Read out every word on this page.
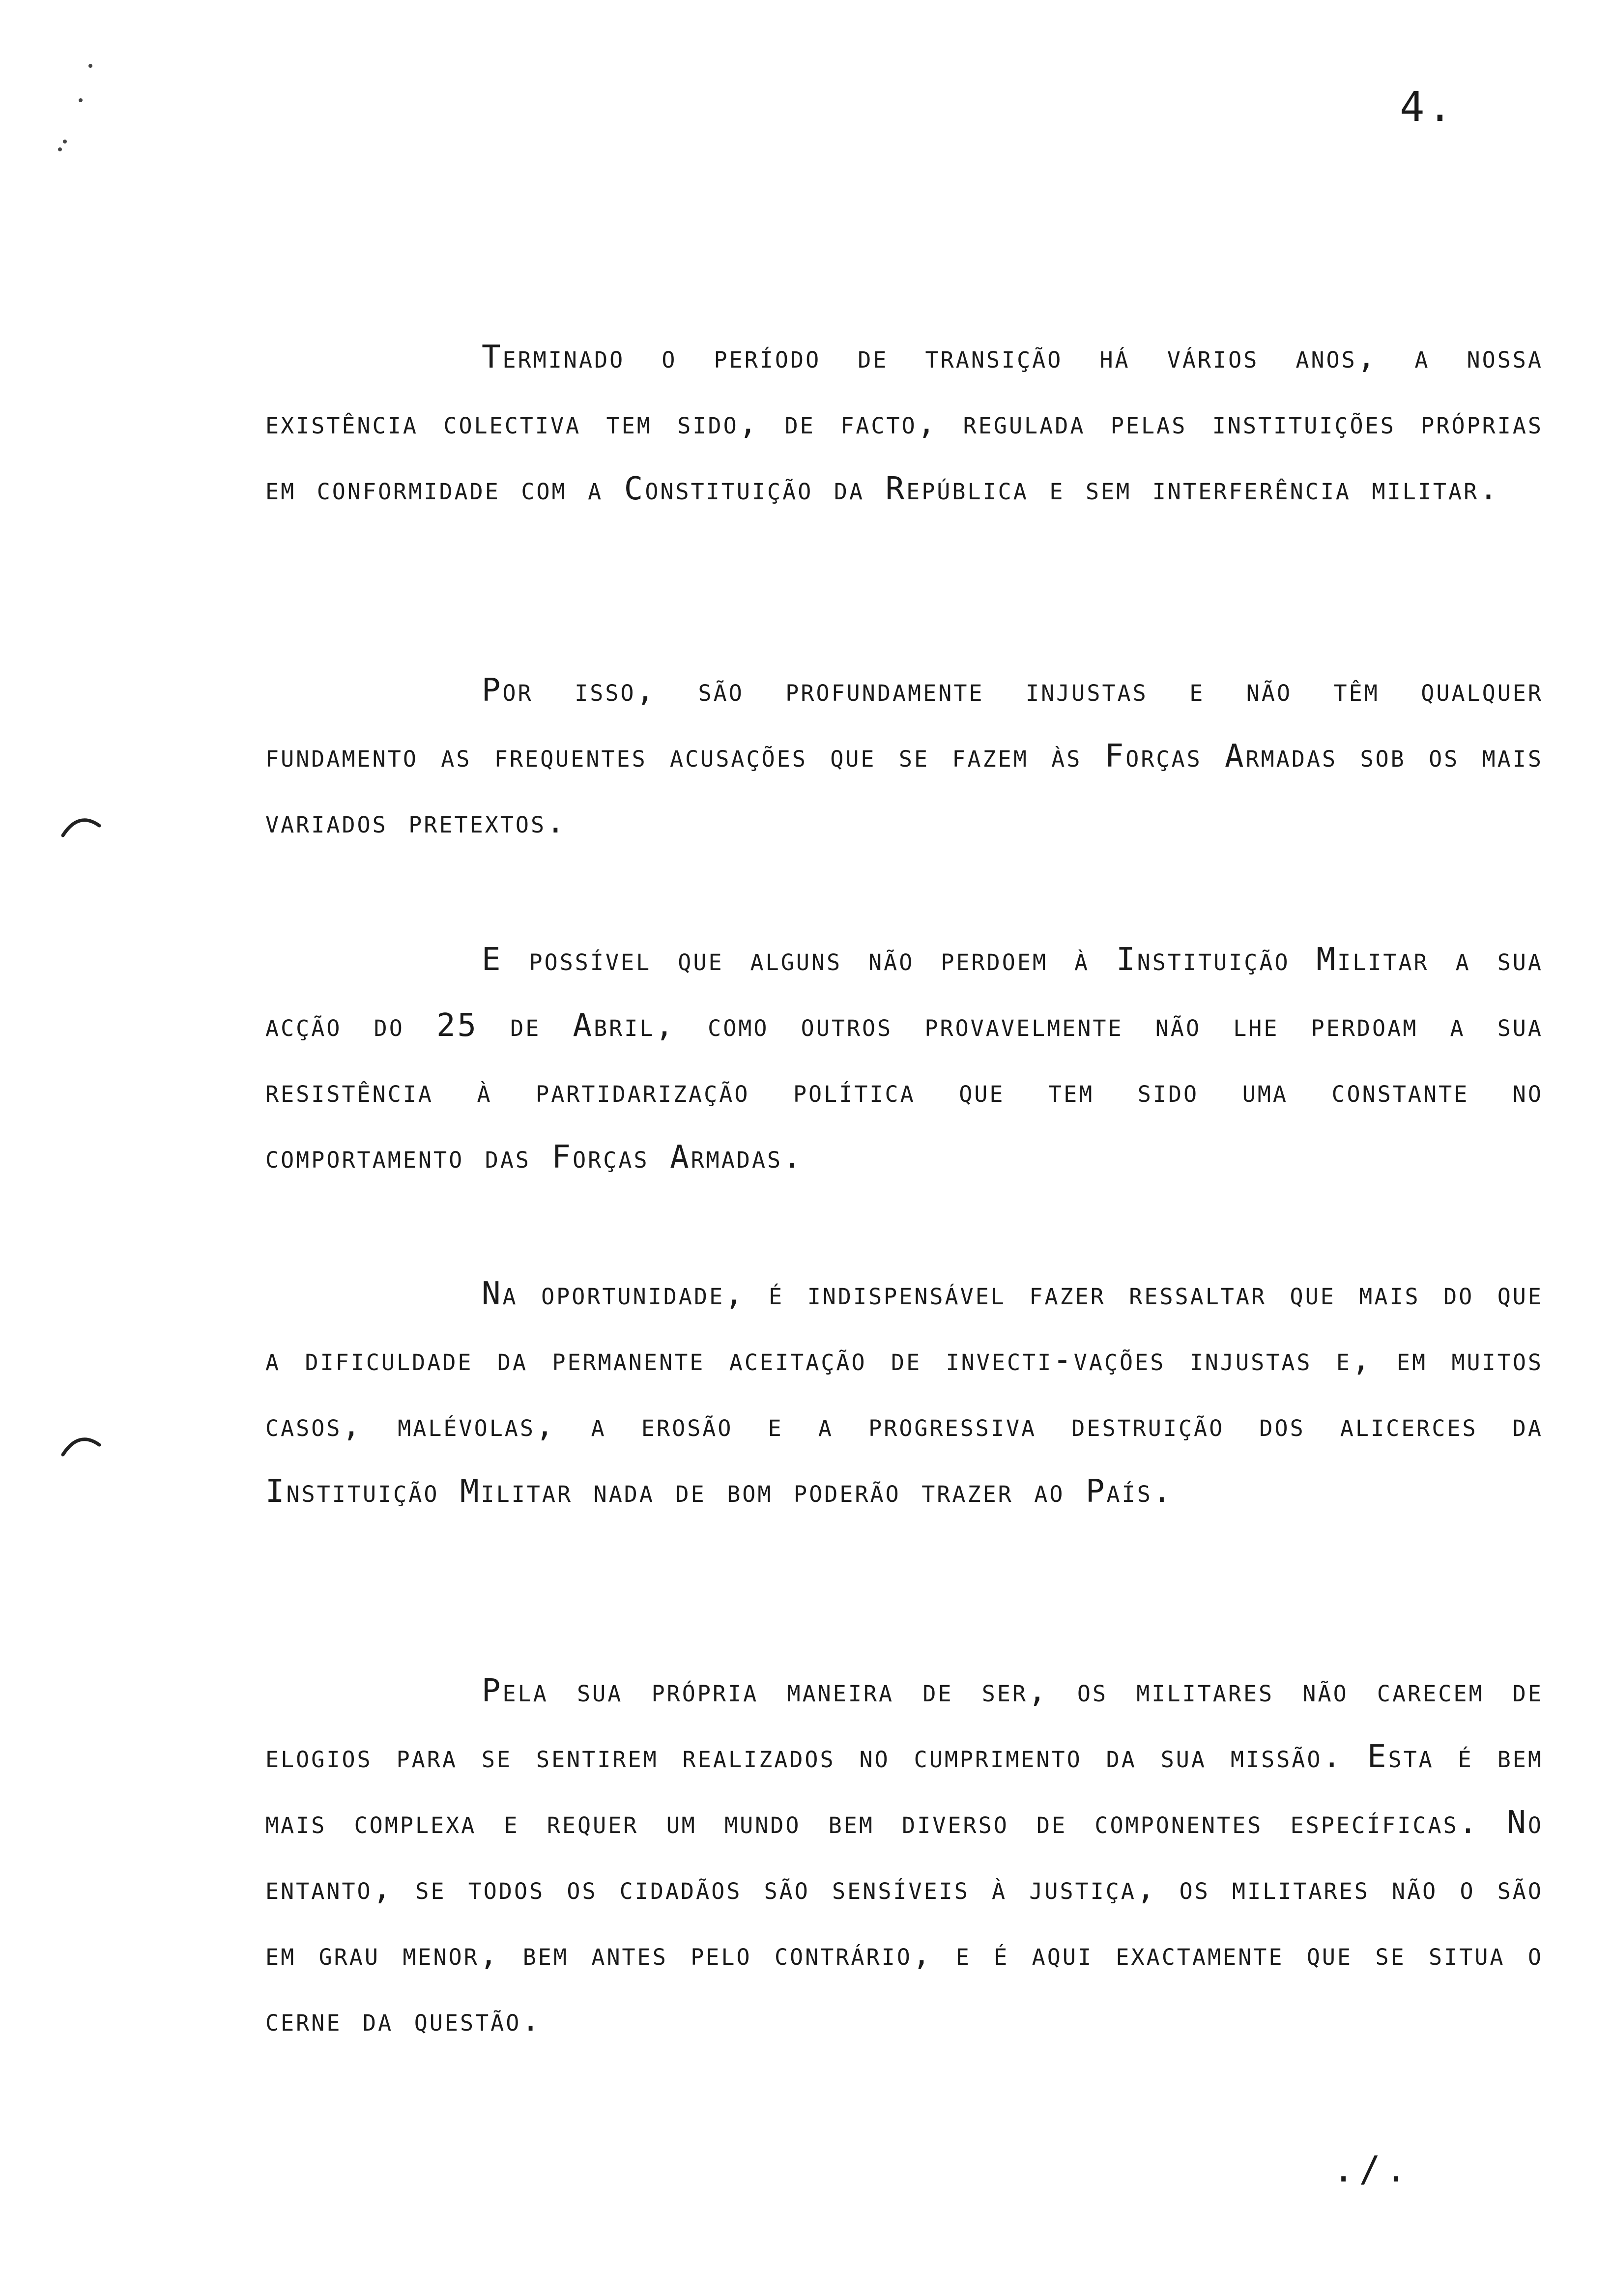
4.

Terminado o período de transição há vários anos, a nossa existência colectiva tem sido, de facto, regulada pelas instituições próprias em conformidade com a Constituição da República e sem interferência militar.

Por isso, são profundamente injustas e não têm qualquer fundamento as frequentes acusações que se fazem às Forças Armadas sob os mais variados pretextos.

E possível que alguns não perdoem à Instituição Militar a sua acção do 25 de Abril, como outros provavelmente não lhe perdoam a sua resistência à partidarização política que tem sido uma constante no comportamento das Forças Armadas.

Na oportunidade, é indispensável fazer ressaltar que mais do que a dificuldade da permanente aceitação de invecti-vações injustas e, em muitos casos, malévolas, a erosão e a progressiva destruição dos alicerces da Instituição Militar nada de bom poderão trazer ao País.

Pela sua própria maneira de ser, os militares não carecem de elogios para se sentirem realizados no cumprimento da sua missão. Esta é bem mais complexa e requer um mundo bem diverso de componentes específicas. No entanto, se todos os cidadãos são sensíveis à justiça, os militares não o são em grau menor, bem antes pelo contrário, e é aqui exactamente que se situa o cerne da questão.

./.
